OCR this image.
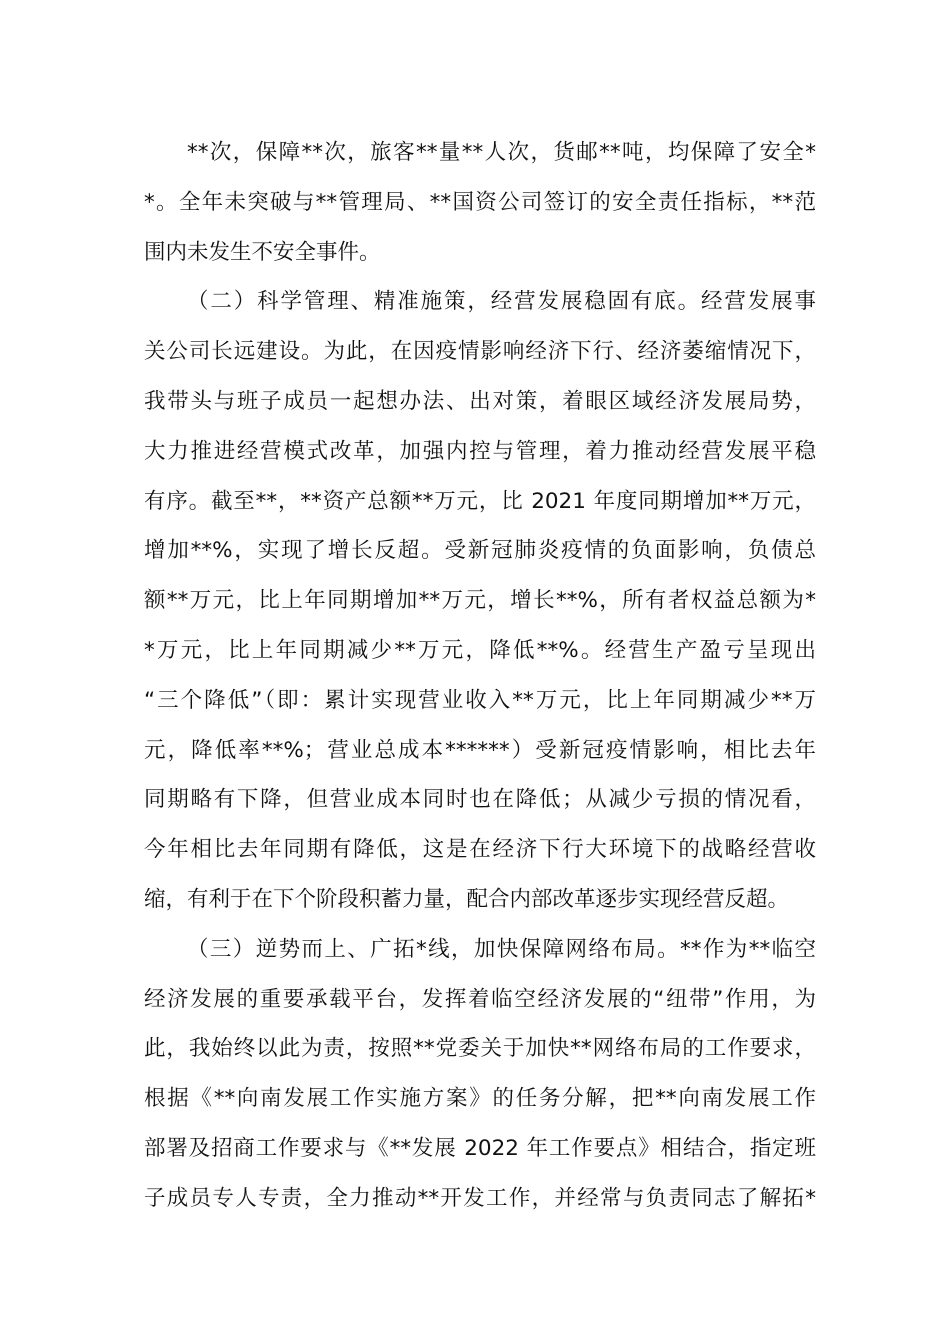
**次，保障**次，旅客**量**人次，货邮**吨，均保障了安全*
*。全年未突破与**管理局、**国资公司签订的安全责任指标，**范
围内未发生不安全事件。
（二）科学管理、精准施策，经营发展稳固有底。经营发展事
关公司长远建设。为此，在因疫情影响经济下行、经济萎缩情况下，
我带头与班子成员一起想办法、出对策，着眼区域经济发展局势，
大力推进经营模式改革，加强内控与管理，着力推动经营发展平稳
有序。截至**，**资产总额**万元，比 2021 年度同期增加**万元，
增加**%，实现了增长反超。受新冠肺炎疫情的负面影响，负债总
额**万元，比上年同期增加**万元，增长**%，所有者权益总额为*
*万元，比上年同期减少**万元，降低**%。经营生产盈亏呈现出
“三个降低”（即：累计实现营业收入**万元，比上年同期减少**万
元，降低率**%；营业总成本******）受新冠疫情影响，相比去年
同期略有下降，但营业成本同时也在降低；从减少亏损的情况看，
今年相比去年同期有降低，这是在经济下行大环境下的战略经营收
缩，有利于在下个阶段积蓄力量，配合内部改革逐步实现经营反超。
（三）逆势而上、广拓*线，加快保障网络布局。**作为**临空
经济发展的重要承载平台，发挥着临空经济发展的“纽带”作用，为
此，我始终以此为责，按照**党委关于加快**网络布局的工作要求，
根据《**向南发展工作实施方案》的任务分解，把**向南发展工作
部署及招商工作要求与《**发展 2022 年工作要点》相结合，指定班
子成员专人专责，全力推动**开发工作，并经常与负责同志了解拓*
